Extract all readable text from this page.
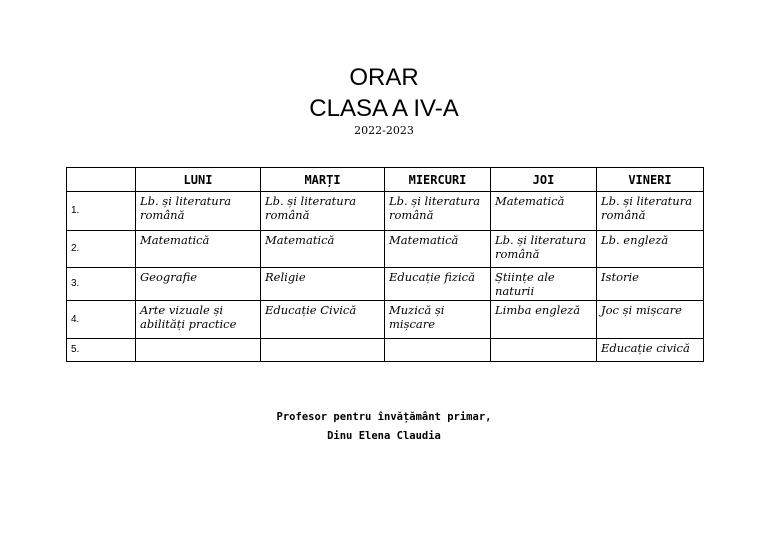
ORAR
CLASA A IV-A
2022-2023
	LUNI	MARȚI	MIERCURI	JOI	VINERI
1.	Lb. și literatura română	Lb. și literatura română	Lb. și literatura română	Matematică	Lb. și literatura română
2.	Matematică	Matematică	Matematică	Lb. și literatura română	Lb. engleză
3.	Geografie	Religie	Educație fizică	Științe ale naturii	Istorie
4.	Arte vizuale și abilități practice	Educație Civică	Muzică și mișcare	Limba engleză	Joc și mișcare
5.					Educație civică
Profesor pentru învățământ primar,
Dinu Elena Claudia
